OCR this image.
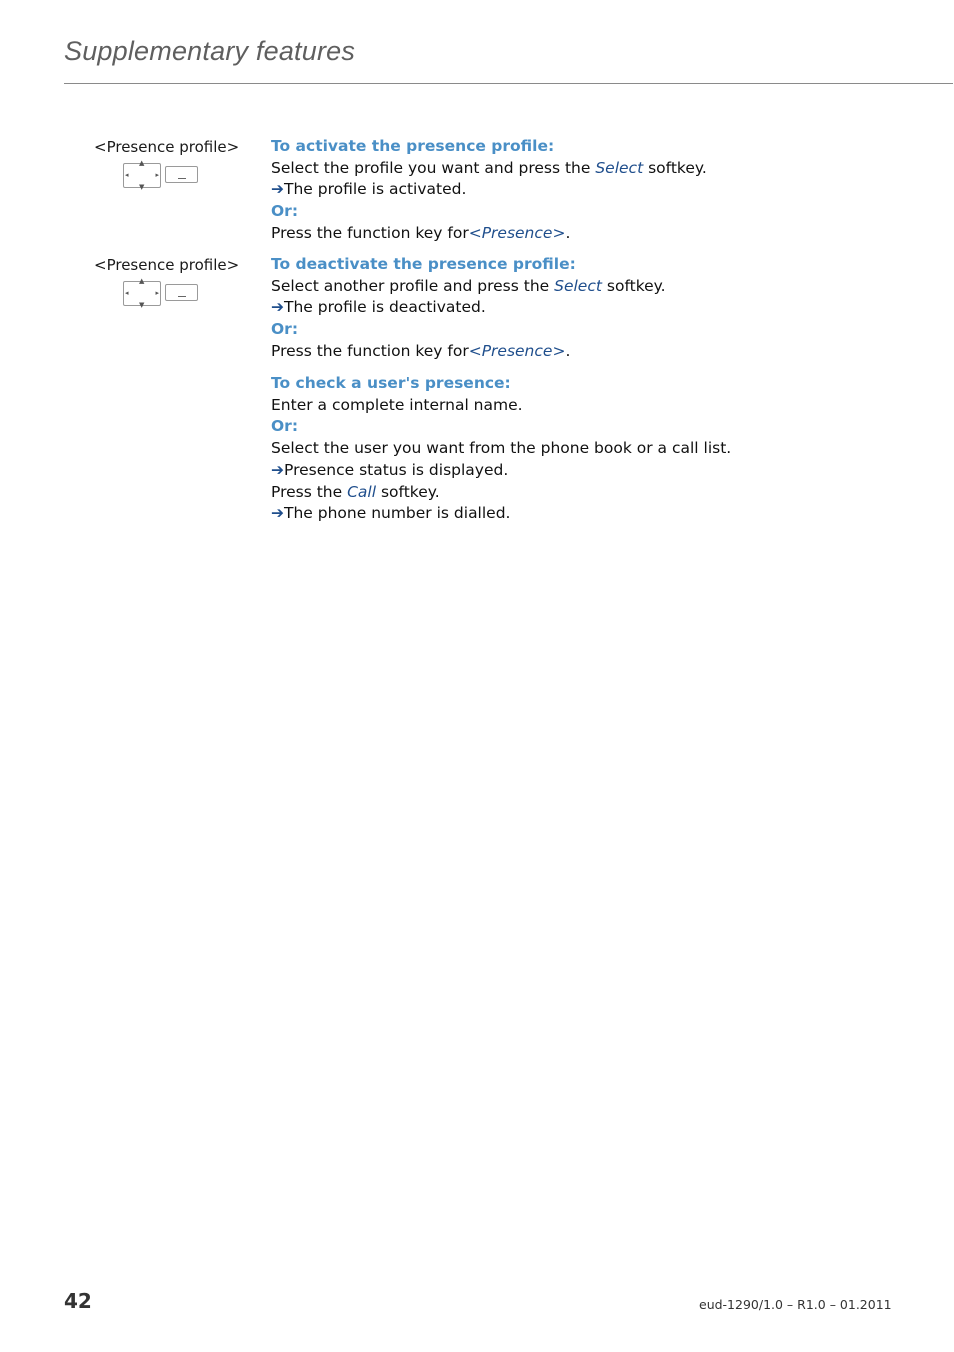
Supplementary features
<Presence profile>
▲
▼
◂	▸
To activate the presence profile:
Select the profile you want and press the Select softkey.
➔The profile is activated.
Or:
Press the function key for<Presence>.
<Presence profile>
▲
▼
◂	▸
To deactivate the presence profile:
Select another profile and press the Select softkey.
➔The profile is deactivated.
Or:
Press the function key for<Presence>.
To check a user's presence:
Enter a complete internal name.
Or:
Select the user you want from the phone book or a call list.
➔Presence status is displayed.
Press the Call softkey.
➔The phone number is dialled.
42	eud-1290/1.0 – R1.0 – 01.2011
